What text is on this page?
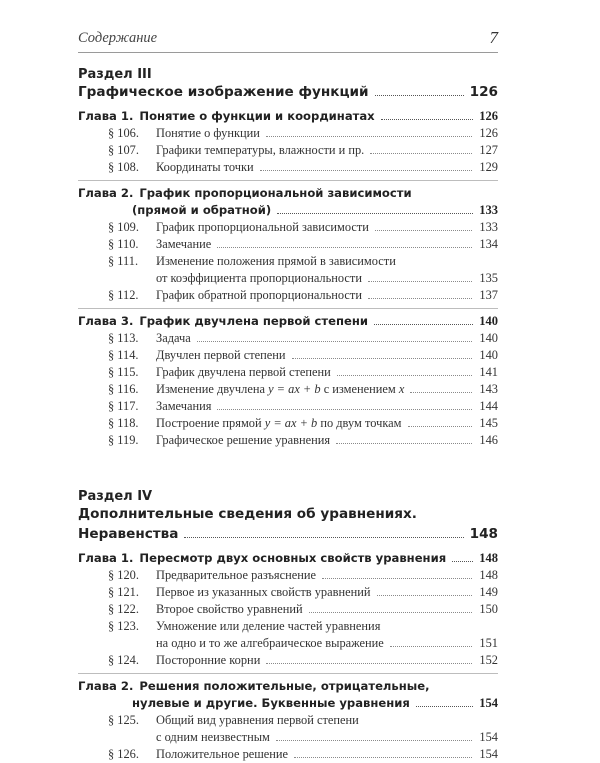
Содержание	7
Раздел III
Графическое изображение функций	126
Глава 1. Понятие о функции и координатах	126
§ 106.	Понятие о функции	126
§ 107.	Графики температуры, влажности и пр.	127
§ 108.	Координаты точки	129
Глава 2. График пропорциональной зависимости
(прямой и обратной)	133
§ 109.	График пропорциональной зависимости	133
§ 110.	Замечание	134
§ 111.	Изменение положения прямой в зависимости
от коэффициента пропорциональности	135
§ 112.	График обратной пропорциональности	137
Глава 3. График двучлена первой степени	140
§ 113.	Задача	140
§ 114.	Двучлен первой степени	140
§ 115.	График двучлена первой степени	141
§ 116.	Изменение двучлена y = ax + b с изменением x	143
§ 117.	Замечания	144
§ 118.	Построение прямой y = ax + b по двум точкам	145
§ 119.	Графическое решение уравнения	146
Раздел IV
Дополнительные сведения об уравнениях.
Неравенства	148
Глава 1. Пересмотр двух основных свойств уравнения	148
§ 120.	Предварительное разъяснение	148
§ 121.	Первое из указанных свойств уравнений	149
§ 122.	Второе свойство уравнений	150
§ 123.	Умножение или деление частей уравнения
на одно и то же алгебраическое выражение	151
§ 124.	Посторонние корни	152
Глава 2. Решения положительные, отрицательные,
нулевые и другие. Буквенные уравнения	154
§ 125.	Общий вид уравнения первой степени
с одним неизвестным	154
§ 126.	Положительное решение	154
